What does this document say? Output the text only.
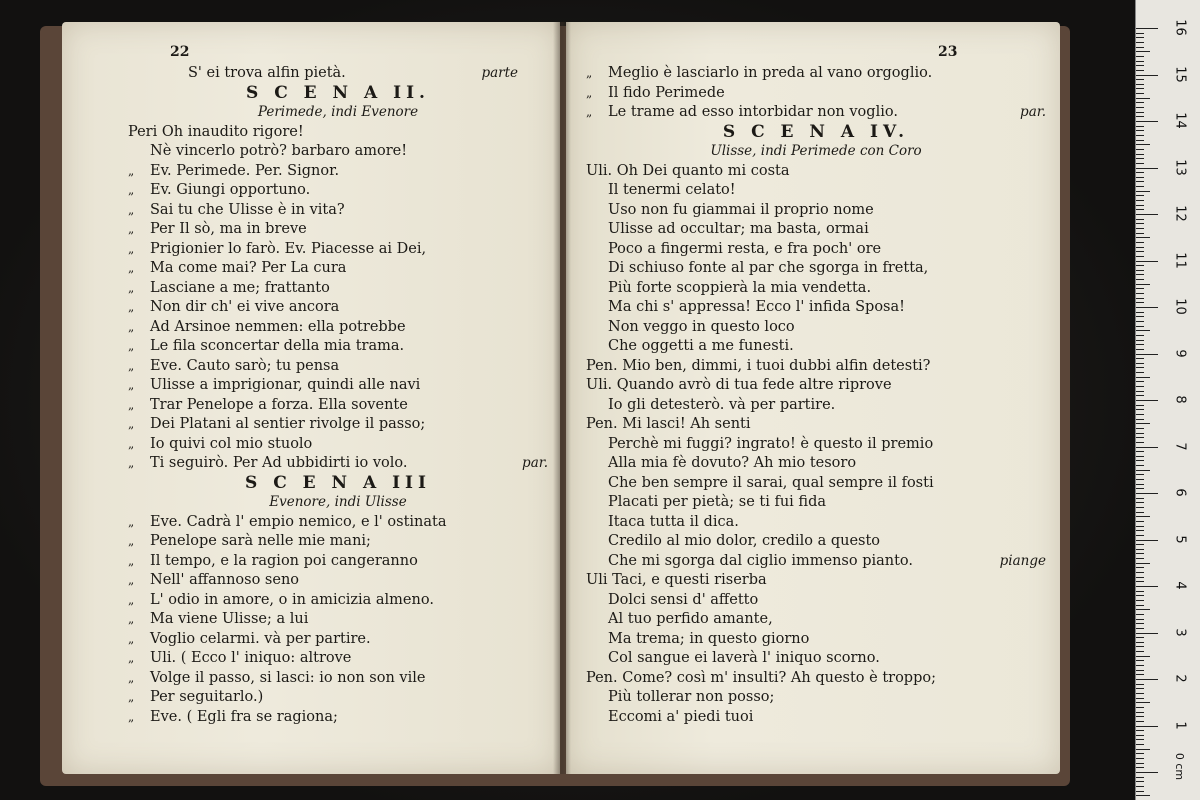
22
S' ei trova alfin pietà.	parte
S C E N A II.
Perimede, indi Evenore
Peri Oh inaudito rigore!
Nè vincerlo potrò? barbaro amore!
„ Ev. Perimede. Per. Signor.
„ Ev. Giungi opportuno.
„ Sai tu che Ulisse è in vita?
„ Per Il sò, ma in breve
„ Prigionier lo farò. Ev. Piacesse ai Dei,
„ Ma come mai? Per La cura
„ Lasciane a me; frattanto
„ Non dir ch' ei vive ancora
„ Ad Arsinoe nemmen: ella potrebbe
„ Le fila sconcertar della mia trama.
„ Eve. Cauto sarò; tu pensa
„ Ulisse a imprigionar, quindi alle navi
„ Trar Penelope a forza. Ella sovente
„ Dei Platani al sentier rivolge il passo;
„ Io quivi col mio stuolo
„ Ti seguirò. Per Ad ubbidirti io volo.	par.
S C E N A III
Evenore, indi Ulisse
„ Eve. Cadrà l' empio nemico, e l' ostinata
„ Penelope sarà nelle mie mani;
„ Il tempo, e la ragion poi cangeranno
„ Nell' affannoso seno
„ L' odio in amore, o in amicizia almeno.
„ Ma viene Ulisse; a lui
„ Voglio celarmi. và per partire.
„ Uli. ( Ecco l' iniquo: altrove
„ Volge il passo, si lasci: io non son vile
„ Per seguitarlo.)
„ Eve. ( Egli fra se ragiona;
23
„ Meglio è lasciarlo in preda al vano orgoglio.
„ Il fido Perimede
„ Le trame ad esso intorbidar non voglio.	par.
S C E N A IV.
Ulisse, indi Perimede con Coro
Uli. Oh Dei quanto mi costa
Il tenermi celato!
Uso non fu giammai il proprio nome
Ulisse ad occultar; ma basta, ormai
Poco a fingermi resta, e fra poch' ore
Di schiuso fonte al par che sgorga in fretta,
Più forte scoppierà la mia vendetta.
Ma chi s' appressa! Ecco l' infida Sposa!
Non veggo in questo loco
Che oggetti a me funesti.
Pen. Mio ben, dimmi, i tuoi dubbi alfin detesti?
Uli. Quando avrò di tua fede altre riprove
Io gli detesterò. và per partire.
Pen. Mi lasci! Ah senti
Perchè mi fuggi? ingrato! è questo il premio
Alla mia fè dovuto? Ah mio tesoro
Che ben sempre il sarai, qual sempre il fosti
Placati per pietà; se ti fui fida
Itaca tutta il dica.
Credilo al mio dolor, credilo a questo
Che mi sgorga dal ciglio immenso pianto.	piange
Uli Taci, e questi riserba
Dolci sensi d' affetto
Al tuo perfido amante,
Ma trema; in questo giorno
Col sangue ei laverà l' iniquo scorno.
Pen. Come? così m' insulti? Ah questo è troppo;
Più tollerar non posso;
Eccomi a' piedi tuoi
0 cm
16
15
14
13
12
11
10
9
8
7
6
5
4
3
2
1
